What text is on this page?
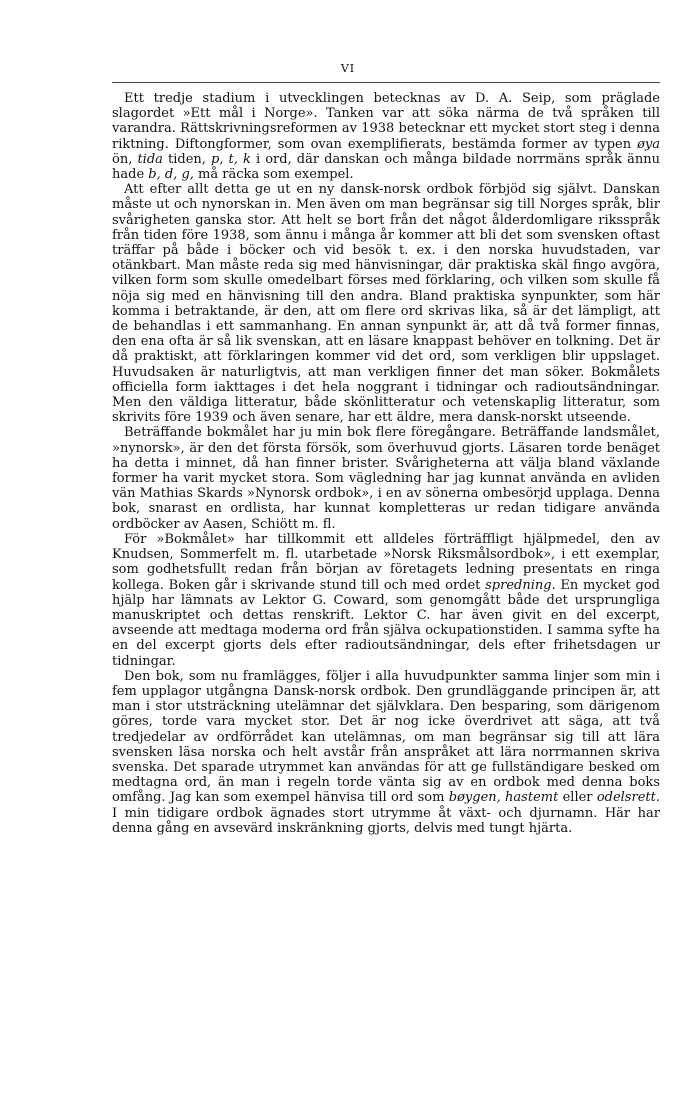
VI

Ett tredje stadium i utvecklingen betecknas av D. A. Seip, som präglade slagordet »Ett mål i Norge». Tanken var att söka närma de två språken till varandra. Rättskrivningsreformen av 1938 betecknar ett mycket stort steg i denna riktning. Diftongformer, som ovan exemplifierats, bestämda former av typen øya ön, tida tiden, p, t, k i ord, där danskan och många bildade norrmäns språk ännu hade b, d, g, må räcka som exempel.

Att efter allt detta ge ut en ny dansk-norsk ordbok förbjöd sig självt. Danskan måste ut och nynorskan in. Men även om man begränsar sig till Norges språk, blir svårigheten ganska stor. Att helt se bort från det något ålderdomligare riksspråk från tiden före 1938, som ännu i många år kommer att bli det som svensken oftast träffar på både i böcker och vid besök t. ex. i den norska huvudstaden, var otänkbart. Man måste reda sig med hänvisningar, där praktiska skäl fingo avgöra, vilken form som skulle omedelbart förses med förklaring, och vilken som skulle få nöja sig med en hänvisning till den andra. Bland praktiska synpunkter, som här komma i betraktande, är den, att om flere ord skrivas lika, så är det lämpligt, att de behandlas i ett sammanhang. En annan synpunkt är, att då två former finnas, den ena ofta är så lik svenskan, att en läsare knappast behöver en tolkning. Det är då praktiskt, att förklaringen kommer vid det ord, som verkligen blir uppslaget. Huvudsaken är naturligtvis, att man verkligen finner det man söker. Bokmålets officiella form iakttages i det hela noggrant i tidningar och radioutsändningar. Men den väldiga litteratur, både skönlitteratur och vetenskaplig litteratur, som skrivits före 1939 och även senare, har ett äldre, mera dansk-norskt utseende.

Beträffande bokmålet har ju min bok flere föregångare. Beträffande landsmålet, »nynorsk», är den det första försök, som överhuvud gjorts. Läsaren torde benäget ha detta i minnet, då han finner brister. Svårigheterna att välja bland växlande former ha varit mycket stora. Som vägledning har jag kunnat använda en avliden vän Mathias Skards »Nynorsk ordbok», i en av sönerna ombesörjd upplaga. Denna bok, snarast en ordlista, har kunnat kompletteras ur redan tidigare använda ordböcker av Aasen, Schiött m. fl.

För »Bokmålet» har tillkommit ett alldeles förträffligt hjälpmedel, den av Knudsen, Sommerfelt m. fl. utarbetade »Norsk Riksmålsordbok», i ett exemplar, som godhetsfullt redan från början av företagets ledning presentats en ringa kollega. Boken går i skrivande stund till och med ordet spredning. En mycket god hjälp har lämnats av Lektor G. Coward, som genomgått både det ursprungliga manuskriptet och dettas renskrift. Lektor C. har även givit en del excerpt, avseende att medtaga moderna ord från själva ockupationstiden. I samma syfte ha en del excerpt gjorts dels efter radioutsändningar, dels efter frihetsdagen ur tidningar.

Den bok, som nu framlägges, följer i alla huvudpunkter samma linjer som min i fem upplagor utgångna Dansk-norsk ordbok. Den grundläggande principen är, att man i stor utsträckning utelämnar det självklara. Den besparing, som därigenom göres, torde vara mycket stor. Det är nog icke överdrivet att säga, att två tredjedelar av ordförrådet kan utelämnas, om man begränsar sig till att lära svensken läsa norska och helt avstår från anspråket att lära norrmannen skriva svenska. Det sparade utrymmet kan användas för att ge fullständigare besked om medtagna ord, än man i regeln torde vänta sig av en ordbok med denna boks omfång. Jag kan som exempel hänvisa till ord som bøygen, hastemt eller odelsrett. I min tidigare ordbok ägnades stort utrymme åt växt- och djurnamn. Här har denna gång en avsevärd inskränkning gjorts, delvis med tungt hjärta.
